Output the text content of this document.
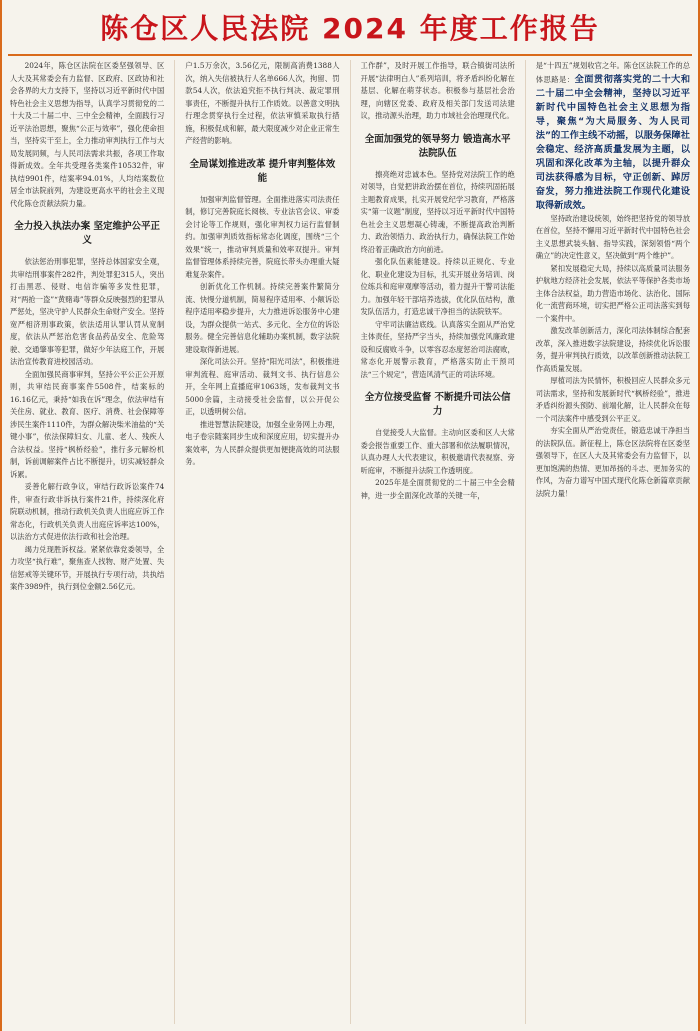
陈仓区人民法院 2024 年度工作报告

2024年，陈仓区法院在区委坚强领导、区人大及其常委会有力监督、区政府、区政协和社会各界的大力支持下，坚持以习近平新时代中国特色社会主义思想为指导，认真学习贯彻党的二十大及二十届二中、三中全会精神，全面践行习近平法治思想，聚焦“公正与效率”，强化使命担当，坚持实干至上，全力推动审判执行工作与大局发展同频，与人民司法需求共振，各项工作取得新成效。全年共受理各类案件10532件，审执结9901件，结案率94.01%，人均结案数位居全市法院前列，为建设更高水平的社会主义现代化陈仓贡献法院力量。

全力投入执法办案 坚定维护公平正义

依法惩治刑事犯罪，坚持总体国家安全观，共审结刑事案件282件，判处罪犯315人，突出打击黑恶、侵财、电信诈骗等多发性犯罪，对“两抢一盗”“黄赌毒”等群众反映强烈的犯罪从严惩处，坚决守护人民群众生命财产安全。坚持宽严相济刑事政策，依法适用认罪认罚从宽制度，依法从严惩治危害食品药品安全、危险驾驶、交通肇事等犯罪，做好少年法庭工作，开展法治宣传教育进校园活动。

全面加强民商事审判，坚持公平公正公开原则，共审结民商事案件5508件，结案标的16.16亿元，秉持“如我在诉”理念，依法审结有关住房、就业、教育、医疗、消费、社会保障等涉民生案件1110件，为群众解决柴米油盐的“关键小事”，依法保障妇女、儿童、老人、残疾人合法权益。坚持“枫桥经验”，推行多元解纷机制，诉前调解案件占比不断提升，切实减轻群众诉累。

妥善化解行政争议，审结行政诉讼案件74件，审查行政非诉执行案件21件，持续深化府院联动机制，推动行政机关负责人出庭应诉工作常态化，行政机关负责人出庭应诉率达100%，以法治方式促进依法行政和社会治理。

竭力兑现胜诉权益。紧紧依靠党委领导，全力攻坚“执行难”，聚焦查人找物、财产处置、失信惩戒等关键环节，开展执行专项行动，共执结案件3989件，执行到位金额2.56亿元。

户1.5万余次，3.56亿元，限制高消费1388人次，纳入失信被执行人名单666人次，拘留、罚款54人次，依法追究拒不执行判决、裁定罪刑事责任，不断提升执行工作质效。以善意文明执行理念贯穿执行全过程，依法审慎采取执行措施，积极促成和解，最大限度减少对企业正常生产经营的影响。

全局谋划推进改革 提升审判整体效能

加强审判监督管理。全面推进落实司法责任制，修订完善院庭长阅核、专业法官会议、审委会讨论等工作规则，强化审判权力运行监督制约。加强审判质效指标常态化调度，围绕“三个效果”统一，推动审判质量和效率双提升。审判监督管理体系持续完善，院庭长带头办理重大疑难复杂案件。

创新优化工作机制。持续完善案件繁简分流、快慢分道机制，简易程序适用率、小额诉讼程序适用率稳步提升，大力推进诉讼服务中心建设，为群众提供一站式、多元化、全方位的诉讼服务。健全完善信息化辅助办案机制，数字法院建设取得新进展。

深化司法公开。坚持“阳光司法”，积极推进审判流程、庭审活动、裁判文书、执行信息公开，全年网上直播庭审1063场，发布裁判文书5000余篇，主动接受社会监督，以公开促公正，以透明树公信。

推进智慧法院建设，加强全业务网上办理，电子卷宗随案同步生成和深度应用，切实提升办案效率，为人民群众提供更加便捷高效的司法服务。

工作群”，及时开展工作指导，联合镇街司法所开展“法律明白人”系列培训，将矛盾纠纷化解在基层、化解在萌芽状态。积极参与基层社会治理，向辖区党委、政府及相关部门发送司法建议，推动源头治理，助力市域社会治理现代化。

全面加强党的领导努力 锻造高水平法院队伍

擦亮绝对忠诚本色。坚持党对法院工作的绝对领导，自觉把讲政治摆在首位，持续巩固拓展主题教育成果，扎实开展党纪学习教育，严格落实“第一议题”制度，坚持以习近平新时代中国特色社会主义思想凝心铸魂，不断提高政治判断力、政治领悟力、政治执行力，确保法院工作始终沿着正确政治方向前进。

强化队伍素能建设。持续以正规化、专业化、职业化建设为目标，扎实开展业务培训、岗位练兵和庭审观摩等活动，着力提升干警司法能力。加强年轻干部培养选拔，优化队伍结构，激发队伍活力，打造忠诚干净担当的法院铁军。

守牢司法廉洁底线。认真落实全面从严治党主体责任，坚持严字当头，持续加强党风廉政建设和反腐败斗争，以零容忍态度惩治司法腐败，常态化开展警示教育，严格落实防止干预司法“三个规定”，营造风清气正的司法环境。

全方位接受监督 不断提升司法公信力

自觉接受人大监督。主动向区委和区人大常委会报告重要工作、重大部署和依法履职情况，认真办理人大代表建议，积极邀请代表视察、旁听庭审，不断提升法院工作透明度。

2025年是全面贯彻党的二十届三中全会精神，进一步全面深化改革的关键一年，

是“十四五”规划收官之年。陈仓区法院工作的总体思路是：全面贯彻落实党的二十大和二十届二中全会精神，坚持以习近平新时代中国特色社会主义思想为指导，聚焦“为大局服务、为人民司法”的工作主线不动摇，以服务保障社会稳定、经济高质量发展为主题，以巩固和深化改革为主轴，以提升群众司法获得感为目标，守正创新、踔厉奋发，努力推进法院工作现代化建设取得新成效。

坚持政治建设统领，始终把坚持党的领导放在首位，坚持不懈用习近平新时代中国特色社会主义思想武装头脑、指导实践，深刻领悟“两个确立”的决定性意义，坚决做到“两个维护”。

紧扣发展稳定大局，持续以高质量司法服务护航地方经济社会发展，依法平等保护各类市场主体合法权益，助力营造市场化、法治化、国际化一流营商环境，切实把严格公正司法落实到每一个案件中。

激发改革创新活力，深化司法体制综合配套改革，深入推进数字法院建设，持续优化诉讼服务，提升审判执行质效，以改革创新推动法院工作高质量发展。

厚植司法为民情怀，积极回应人民群众多元司法需求，坚持和发展新时代“枫桥经验”，推进矛盾纠纷源头预防、前端化解，让人民群众在每一个司法案件中感受到公平正义。

夯实全面从严治党责任，锻造忠诚干净担当的法院队伍。新征程上，陈仓区法院将在区委坚强领导下，在区人大及其常委会有力监督下，以更加饱满的热情、更加昂扬的斗志、更加务实的作风，为奋力谱写中国式现代化陈仓新篇章贡献法院力量！
